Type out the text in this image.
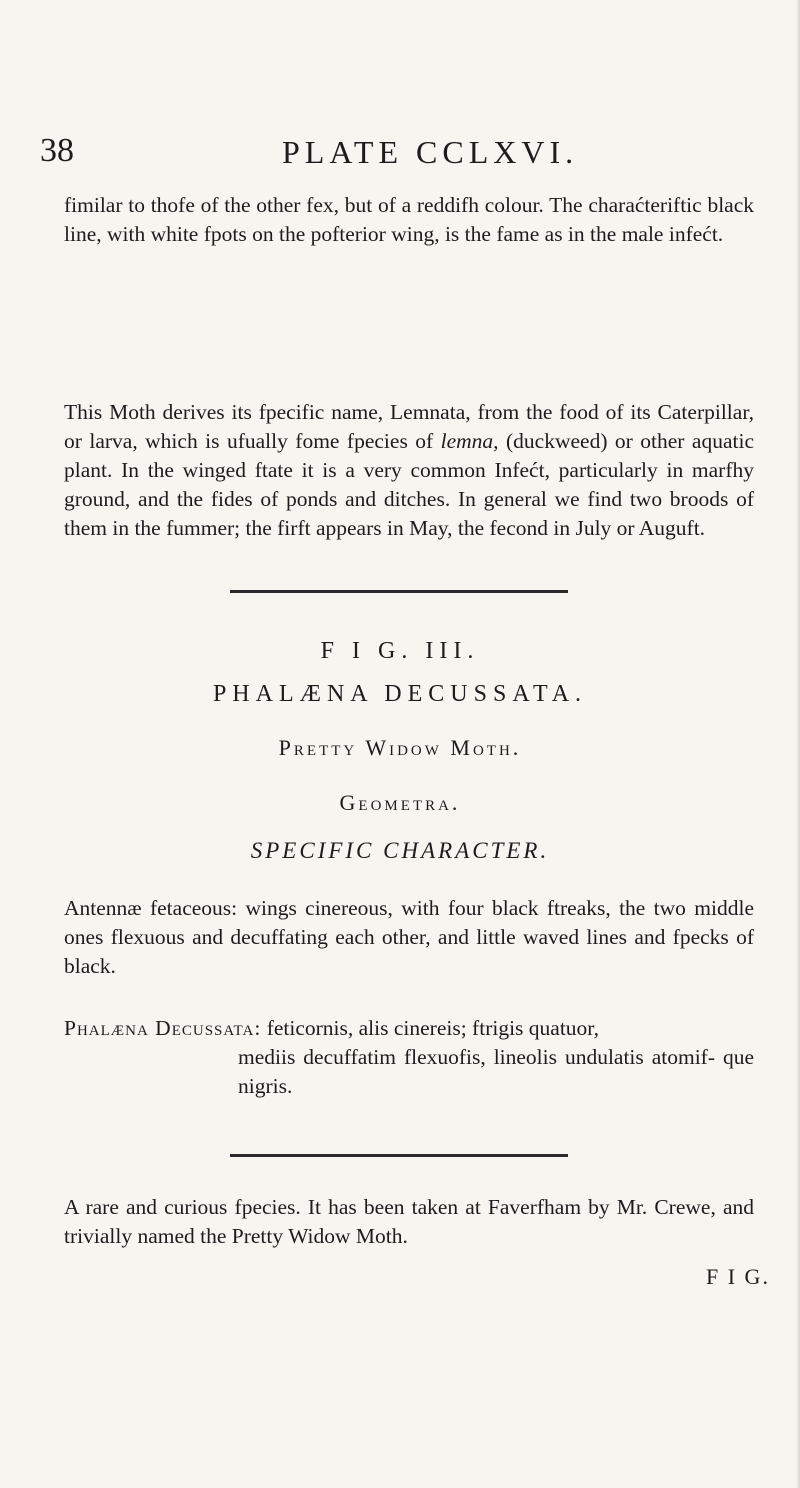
38	PLATE CCLXVI.

fimilar to thofe of the other fex, but of a reddifh colour. The charaćteriftic black line, with white fpots on the pofterior wing, is the fame as in the male infećt.

This Moth derives its fpecific name, Lemnata, from the food of its Caterpillar, or larva, which is ufually fome fpecies of lemna, (duckweed) or other aquatic plant. In the winged ftate it is a very common Infećt, particularly in marfhy ground, and the fides of ponds and ditches. In general we find two broods of them in the fummer; the firft appears in May, the fecond in July or Auguft.

F I G. III.
PHALÆNA DECUSSATA.
Pretty Widow Moth.
Geometra.
SPECIFIC CHARACTER.

Antennæ fetaceous: wings cinereous, with four black ftreaks, the two middle ones flexuous and decuffating each other, and little waved lines and fpecks of black.

Phalæna Decussata: feticornis, alis cinereis; ftrigis quatuor,
mediis decuffatim flexuofis, lineolis undulatis atomif- que nigris.

A rare and curious fpecies. It has been taken at Faverfham by Mr. Crewe, and trivially named the Pretty Widow Moth.

F I G.
